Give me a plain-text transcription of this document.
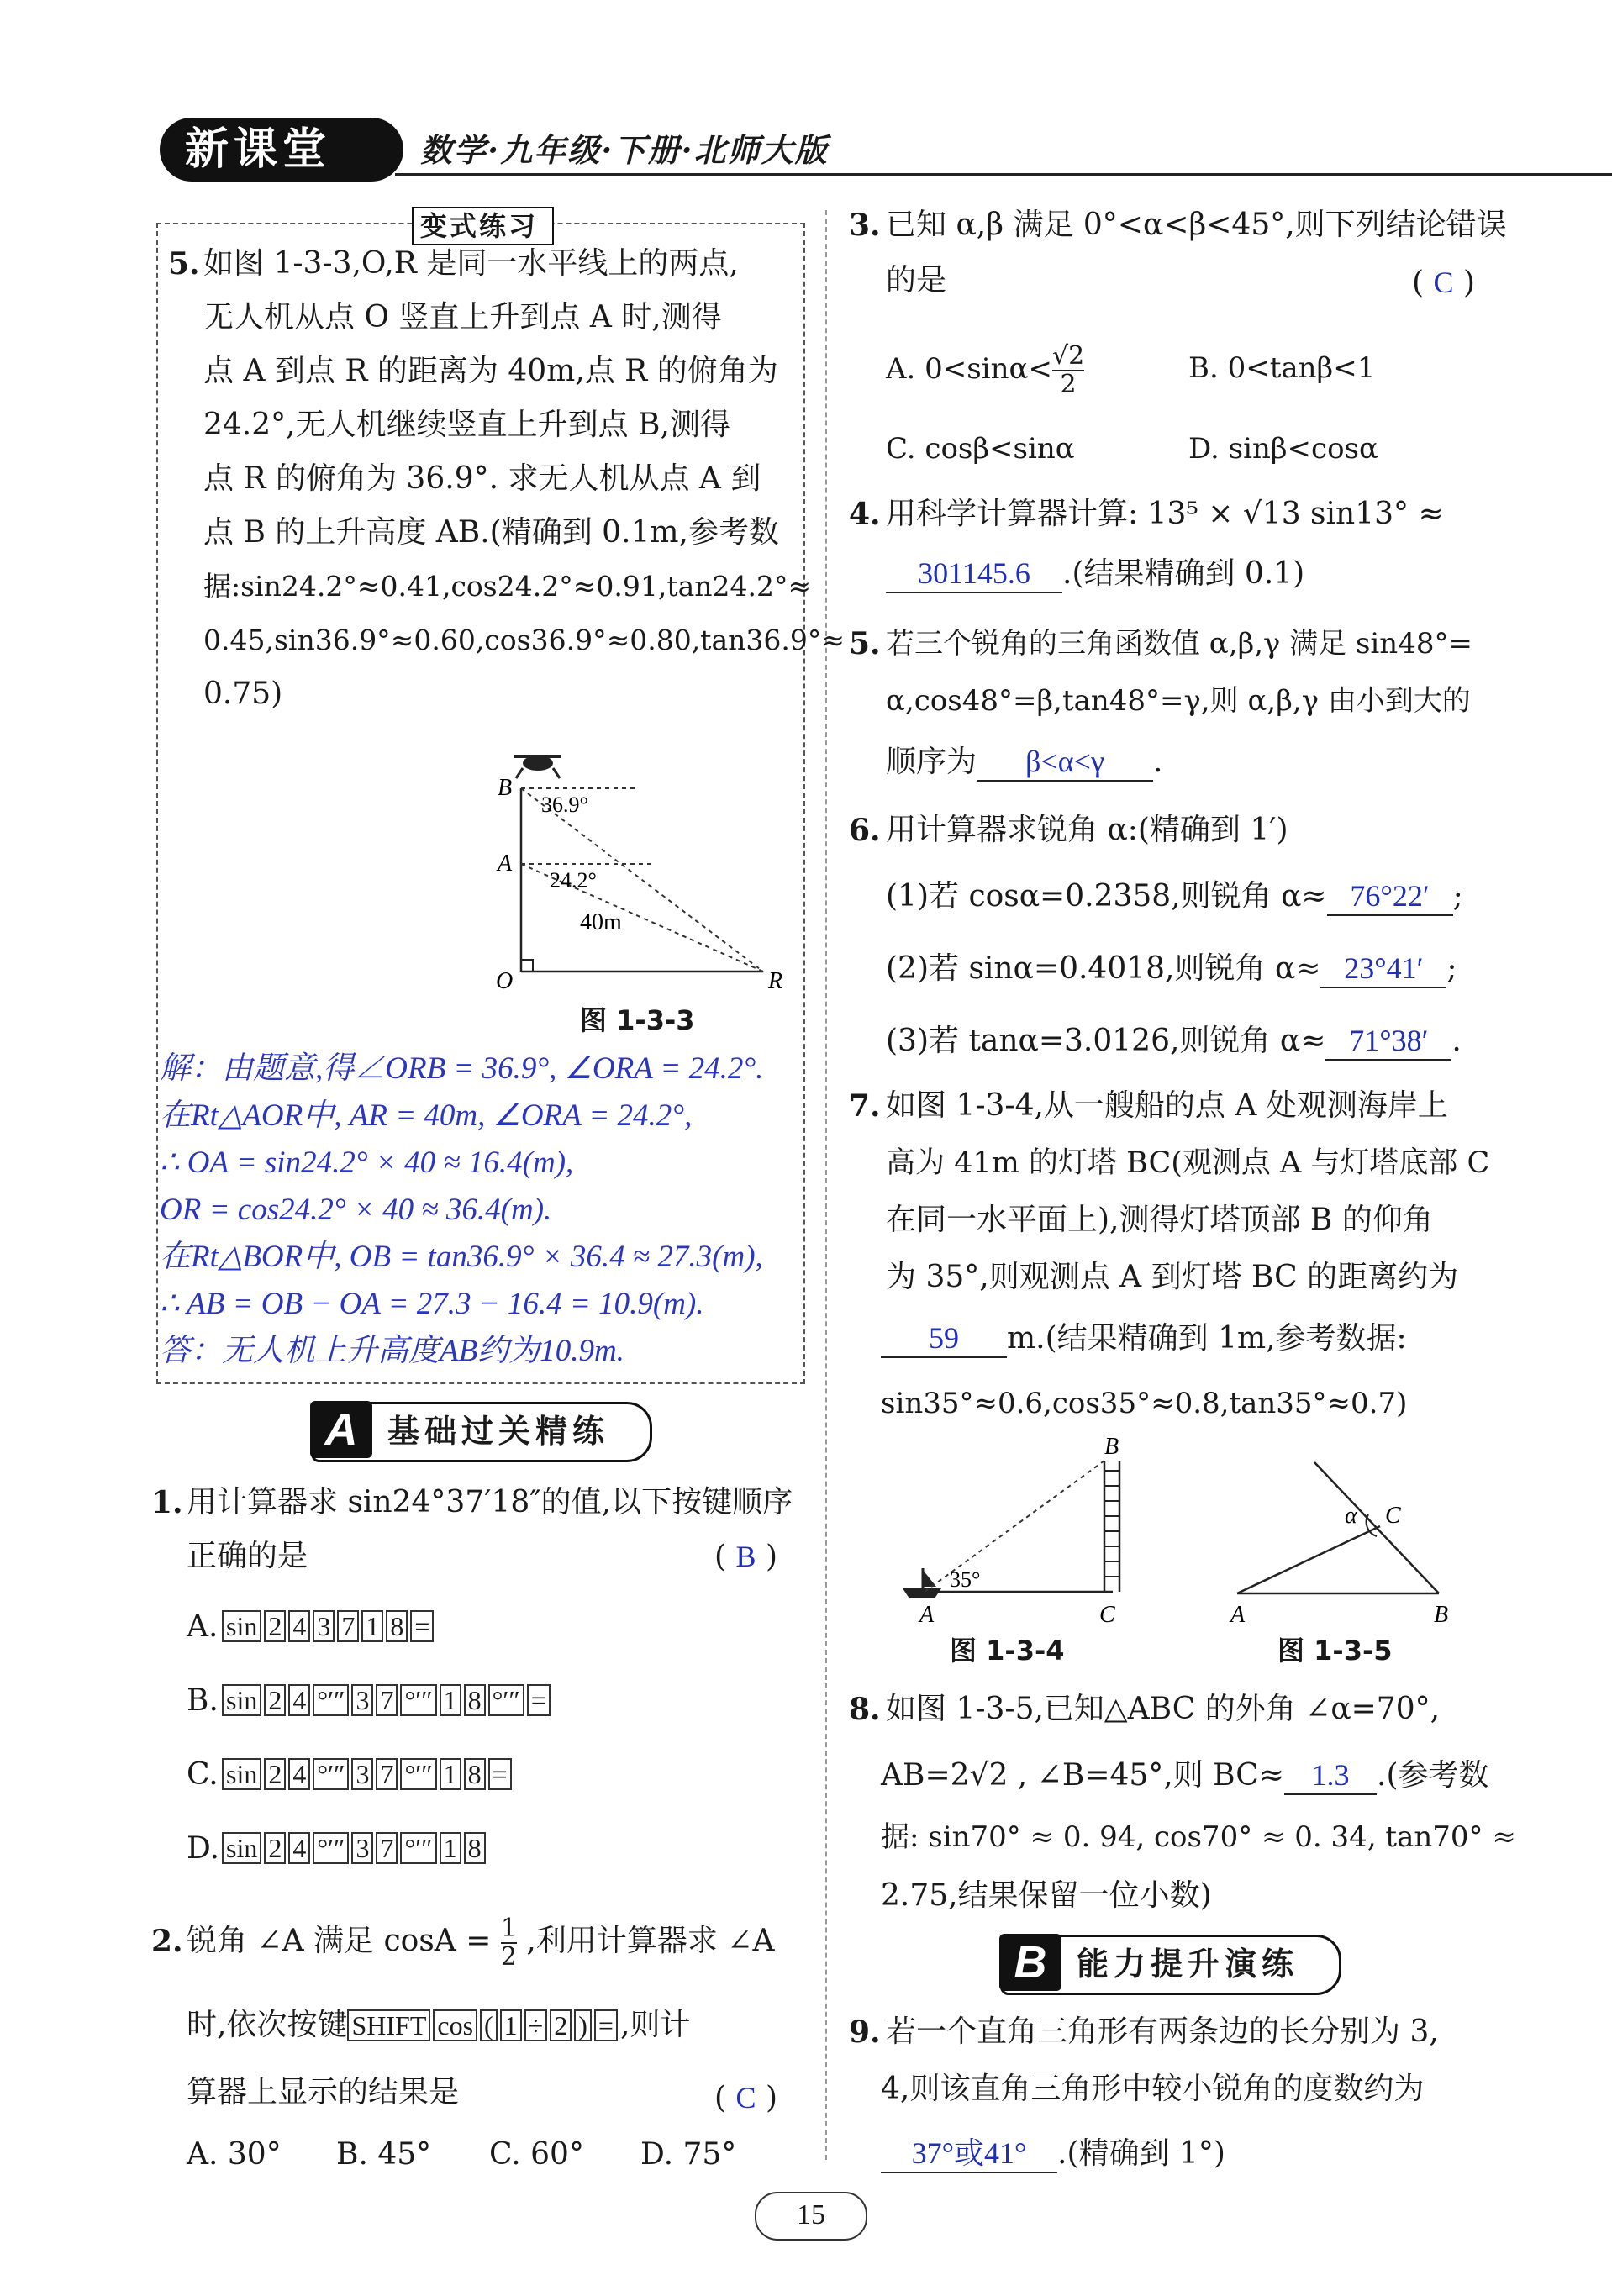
新课堂	数学·九年级·下册·北师大版
变式练习
5. 如图 1-3-3,O,R 是同一水平线上的两点,
无人机从点 O 竖直上升到点 A 时,测得
点 A 到点 R 的距离为 40m,点 R 的俯角为
24.2°,无人机继续竖直上升到点 B,测得
点 R 的俯角为 36.9°. 求无人机从点 A 到
点 B 的上升高度 AB.(精确到 0.1m,参考数
据:sin24.2°≈0.41,cos24.2°≈0.91,tan24.2°≈
0.45,sin36.9°≈0.60,cos36.9°≈0.80,tan36.9°≈
0.75)
B
A
O	R
36.9°
24.2°
40m
图 1-3-3
解：由题意,得∠ORB = 36.9°, ∠ORA = 24.2°.
在Rt△AOR中, AR = 40m, ∠ORA = 24.2°,
∴ OA = sin24.2° × 40 ≈ 16.4(m),
OR = cos24.2° × 40 ≈ 36.4(m).
在Rt△BOR中, OB = tan36.9° × 36.4 ≈ 27.3(m),
∴ AB = OB − OA = 27.3 − 16.4 = 10.9(m).
答：无人机上升高度AB约为10.9m.
A 基础过关精练
1. 用计算器求 sin24°37′18″的值,以下按键顺序
正确的是	( B )
A. sin 2 4 3 7 1 8 =
B. sin 2 4 °′″ 3 7 °′″ 1 8 °′″ =
C. sin 2 4 °′″ 3 7 °′″ 1 8 =
D. sin 2 4 °′″ 3 7 °′″ 1 8
2. 锐角 ∠A 满足 $\cos A = \frac{1}{2}$ ,利用计算器求 ∠A
时,依次按键 SHIFT cos ( 1 ÷ 2 ) = ,则计
算器上显示的结果是	( C )
A. 30° B. 45° C. 60° D. 75°
3. 已知 α,β 满足 0°<α<β<45°,则下列结论错误
的是	( C )
A. $0<\sin\alpha< \frac{√2}{2}$	B. 0<tanβ<1
C. cosβ<sinα	D. sinβ<cosα
4. 用科学计算器计算: 13⁵ × √13 sin13° ≈
301145.6 .(结果精确到 0.1)
5. 若三个锐角的三角函数值 α,β,γ 满足 sin48°=
α,cos48°=β,tan48°=γ,则 α,β,γ 由小到大的
顺序为 β<α<γ .
6. 用计算器求锐角 α:(精确到 1′)
(1)若 cosα=0.2358,则锐角 α≈ 76°22′ ;
(2)若 sinα=0.4018,则锐角 α≈ 23°41′ ;
(3)若 tanα=3.0126,则锐角 α≈ 71°38′ .
7. 如图 1-3-4,从一艘船的点 A 处观测海岸上
高为 41m 的灯塔 BC(观测点 A 与灯塔底部 C
在同一水平面上),测得灯塔顶部 B 的仰角
为 35°,则观测点 A 到灯塔 BC 的距离约为
59 m.(结果精确到 1m,参考数据:
sin35°≈0.6,cos35°≈0.8,tan35°≈0.7)
B
A	C
35°
图 1-3-4
α C
A	B
图 1-3-5
8. 如图 1-3-5,已知△ABC 的外角 ∠α=70°,
AB=2√2 , ∠B=45°,则 BC≈ 1.3 .(参考数
据: sin70° ≈ 0. 94, cos70° ≈ 0. 34, tan70° ≈
2.75,结果保留一位小数)
B 能力提升演练
9. 若一个直角三角形有两条边的长分别为 3,
4,则该直角三角形中较小锐角的度数约为
37°或41° .(精确到 1°)
15
